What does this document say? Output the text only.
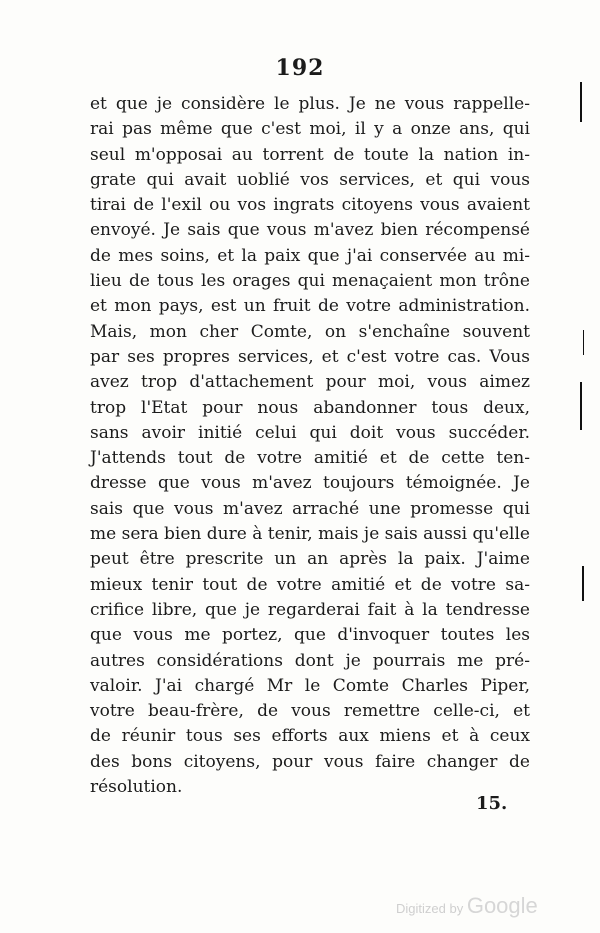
192
et que je considère le plus. Je ne vous rappelle-
rai pas même que c'est moi, il y a onze ans, qui
seul m'opposai au torrent de toute la nation in-
grate qui avait uoblié vos services, et qui vous
tirai de l'exil ou vos ingrats citoyens vous avaient
envoyé. Je sais que vous m'avez bien récompensé
de mes soins, et la paix que j'ai conservée au mi-
lieu de tous les orages qui menaçaient mon trône
et mon pays, est un fruit de votre administration.
Mais, mon cher Comte, on s'enchaîne souvent
par ses propres services, et c'est votre cas. Vous
avez trop d'attachement pour moi, vous aimez
trop l'Etat pour nous abandonner tous deux,
sans avoir initié celui qui doit vous succéder.
J'attends tout de votre amitié et de cette ten-
dresse que vous m'avez toujours témoignée. Je
sais que vous m'avez arraché une promesse qui
me sera bien dure à tenir, mais je sais aussi qu'elle
peut être prescrite un an après la paix. J'aime
mieux tenir tout de votre amitié et de votre sa-
crifice libre, que je regarderai fait à la tendresse
que vous me portez, que d'invoquer toutes les
autres considérations dont je pourrais me pré-
valoir. J'ai chargé Mr le Comte Charles Piper,
votre beau-frère, de vous remettre celle-ci, et
de réunir tous ses efforts aux miens et à ceux
des bons citoyens, pour vous faire changer de
résolution.
15.
Digitized by Google
